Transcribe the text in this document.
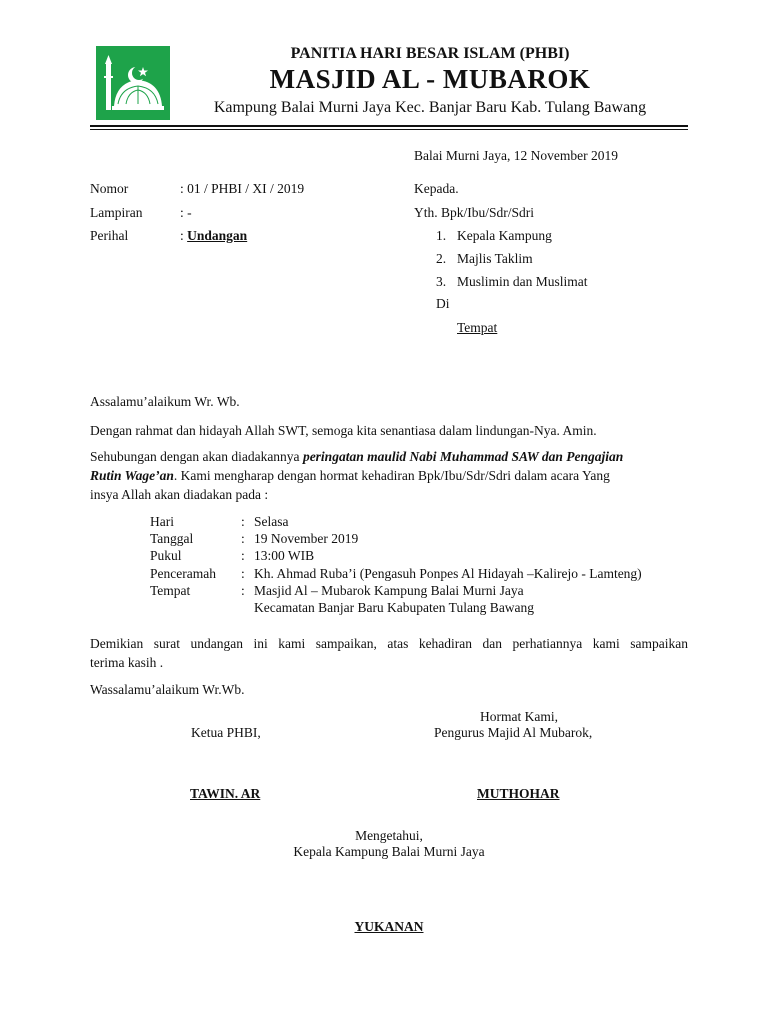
PANITIA HARI BESAR ISLAM (PHBI)
MASJID AL - MUBAROK
Kampung Balai Murni Jaya Kec. Banjar Baru Kab. Tulang Bawang
Balai Murni Jaya, 12 November 2019
Nomor	: 01 / PHBI / XI / 2019
Lampiran	: -
Perihal	: Undangan
Kepada.
Yth. Bpk/Ibu/Sdr/Sdri
1. Kepala Kampung
2. Majlis Taklim
3. Muslimin dan Muslimat
Di
Tempat
Assalamu’alaikum Wr. Wb.
Dengan rahmat dan hidayah Allah SWT, semoga kita senantiasa dalam lindungan-Nya. Amin.
Sehubungan dengan akan diadakannya peringatan maulid Nabi Muhammad SAW dan Pengajian
Rutin Wage’an. Kami mengharap dengan hormat kehadiran Bpk/Ibu/Sdr/Sdri dalam acara Yang
insya Allah akan diadakan pada :
Hari	: Selasa
Tanggal	: 19 November 2019
Pukul	: 13:00 WIB
Penceramah : Kh. Ahmad Ruba’i (Pengasuh Ponpes Al Hidayah –Kalirejo - Lamteng)
Tempat	: Masjid Al – Mubarok Kampung Balai Murni Jaya
Kecamatan Banjar Baru Kabupaten Tulang Bawang
Demikian surat undangan ini kami sampaikan, atas kehadiran dan perhatiannya kami sampaikan
terima kasih .
Wassalamu’alaikum Wr.Wb.
Hormat Kami,
Ketua PHBI,	Pengurus Majid Al Mubarok,
TAWIN. AR	MUTHOHAR
Mengetahui,
Kepala Kampung Balai Murni Jaya
YUKANAN
